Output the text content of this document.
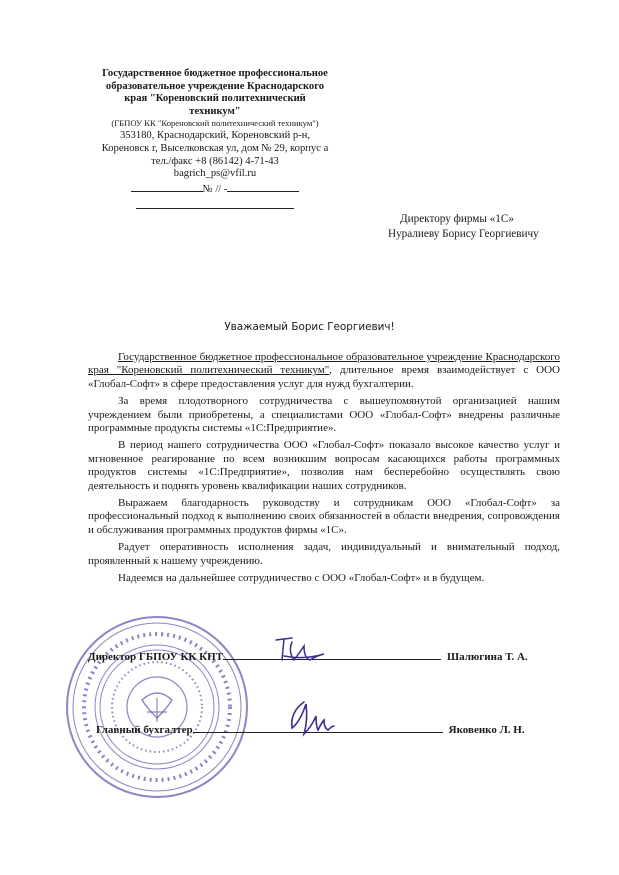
Государственное бюджетное профессиональное
образовательное учреждение Краснодарского
края "Кореновский политехнический
техникум"
(ГБПОУ КК "Кореновский политехнический техникум")
353180, Краснодарский, Кореновский р-н,
Кореновск г, Выселковская ул, дом № 29, корпус а
тел./факс +8 (86142) 4-71-43
bagrich_ps@vfil.ru
№ // -
Директору фирмы «1С»
Нуралиеву Борису Георгиевичу
Уважаемый Борис Георгиевич!

Государственное бюджетное профессиональное образовательное учреждение Краснодарского края "Кореновский политехнический техникум", длительное время взаимодействует с ООО «Глобал-Софт» в сфере предоставления услуг для нужд бухгалтерии.

За время плодотворного сотрудничества с вышеупомянутой организацией нашим учреждением были приобретены, а специалистами ООО «Глобал-Софт» внедрены различные программные продукты системы «1С:Предприятие».

В период нашего сотрудничества ООО «Глобал-Софт» показало высокое качество услуг и мгновенное реагирование по всем возникшим вопросам касающихся работы программных продуктов системы «1С:Предприятие», позволив нам бесперебойно осуществлять свою деятельность и поднять уровень квалификации наших сотрудников.

Выражаем благодарность руководству и сотрудникам ООО «Глобал-Софт» за профессиональный подход к выполнению своих обязанностей в области внедрения, сопровождения и обслуживания программных продуктов фирмы «1С».

Радует оперативность исполнения задач, индивидуальный и внимательный подход, проявленный к нашему учреждению.

Надеемся на дальнейшее сотрудничество с ООО «Глобал-Софт» и в будущем.

Директор ГБПОУ КК КПТ	Шалюгина Т. А.
Главный бухгалтер	Яковенко Л. Н.
